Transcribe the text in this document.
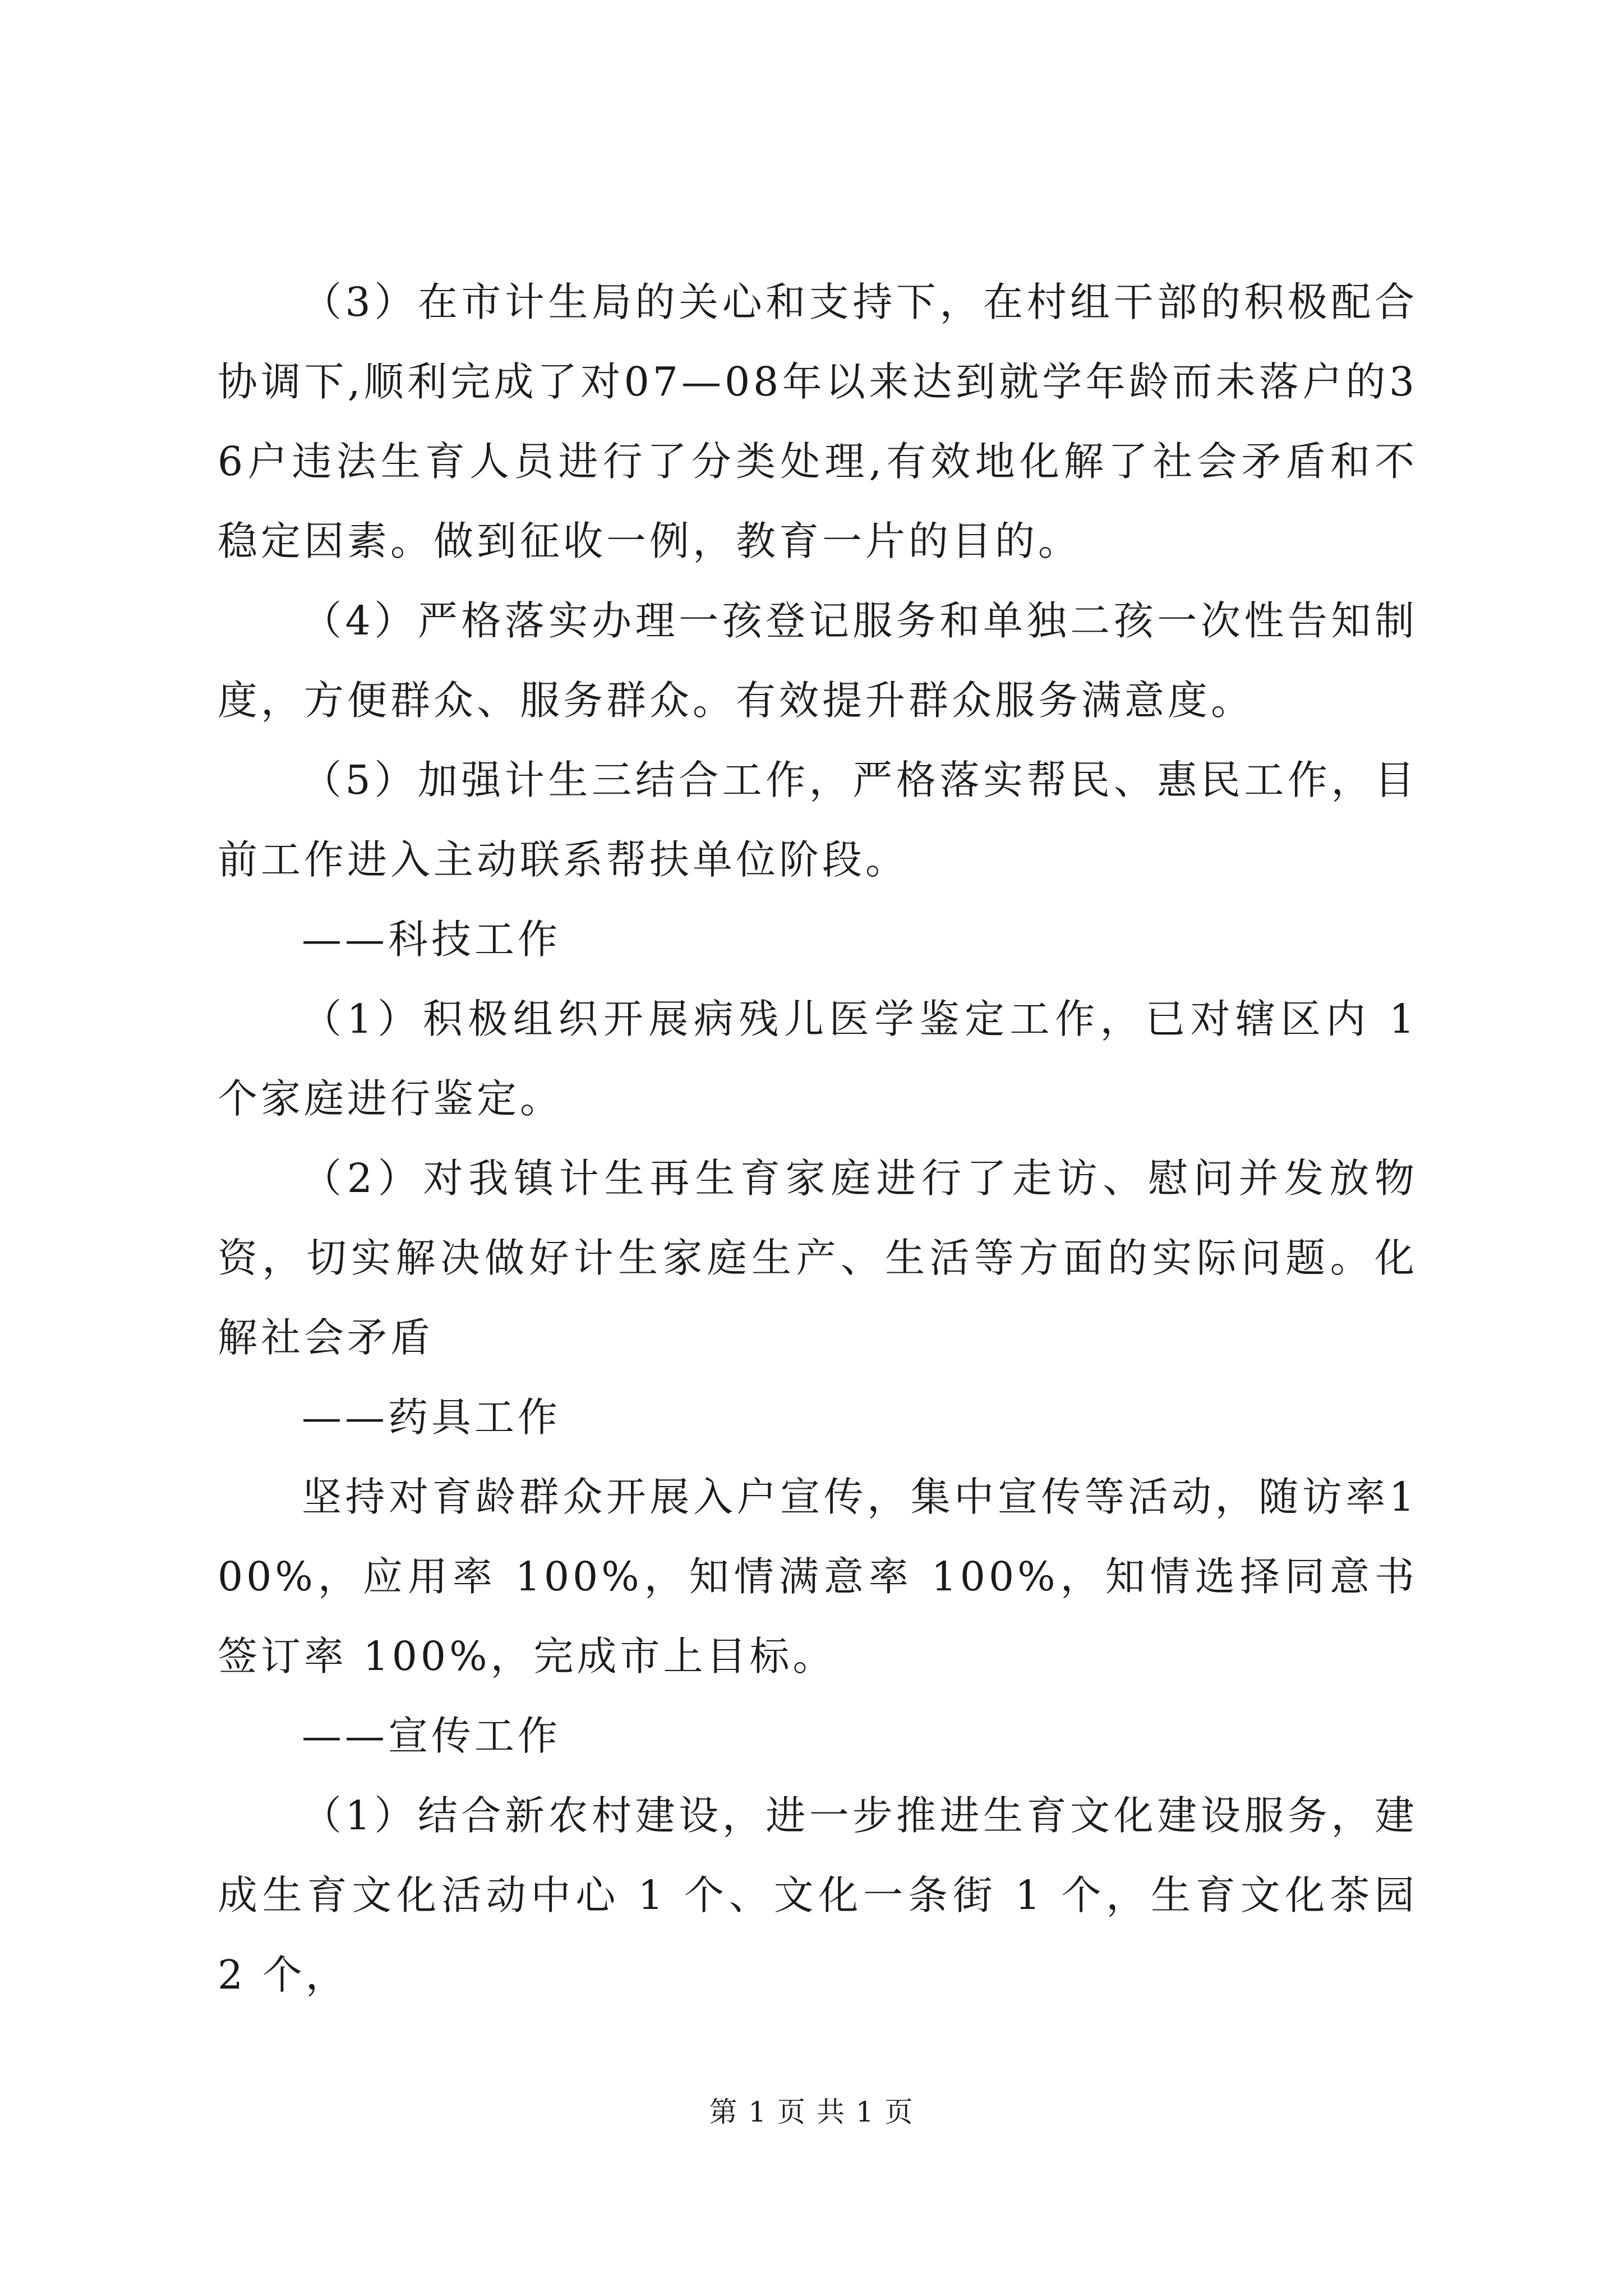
（3）在市计生局的关心和支持下，在村组干部的积极配合协调下,顺利完成了对07—08年以来达到就学年龄而未落户的36户违法生育人员进行了分类处理,有效地化解了社会矛盾和不稳定因素。做到征收一例，教育一片的目的。

（4）严格落实办理一孩登记服务和单独二孩一次性告知制度，方便群众、服务群众。有效提升群众服务满意度。

（5）加强计生三结合工作，严格落实帮民、惠民工作，目前工作进入主动联系帮扶单位阶段。

——科技工作

（1）积极组织开展病残儿医学鉴定工作，已对辖区内 1 个家庭进行鉴定。

（2）对我镇计生再生育家庭进行了走访、慰问并发放物资，切实解决做好计生家庭生产、生活等方面的实际问题。化解社会矛盾

——药具工作

坚持对育龄群众开展入户宣传，集中宣传等活动，随访率100%，应用率 100%，知情满意率 100%，知情选择同意书签订率 100%，完成市上目标。

——宣传工作

（1）结合新农村建设，进一步推进生育文化建设服务，建成生育文化活动中心 1 个、文化一条街 1 个，生育文化茶园 2 个，

第 1 页 共 1 页
